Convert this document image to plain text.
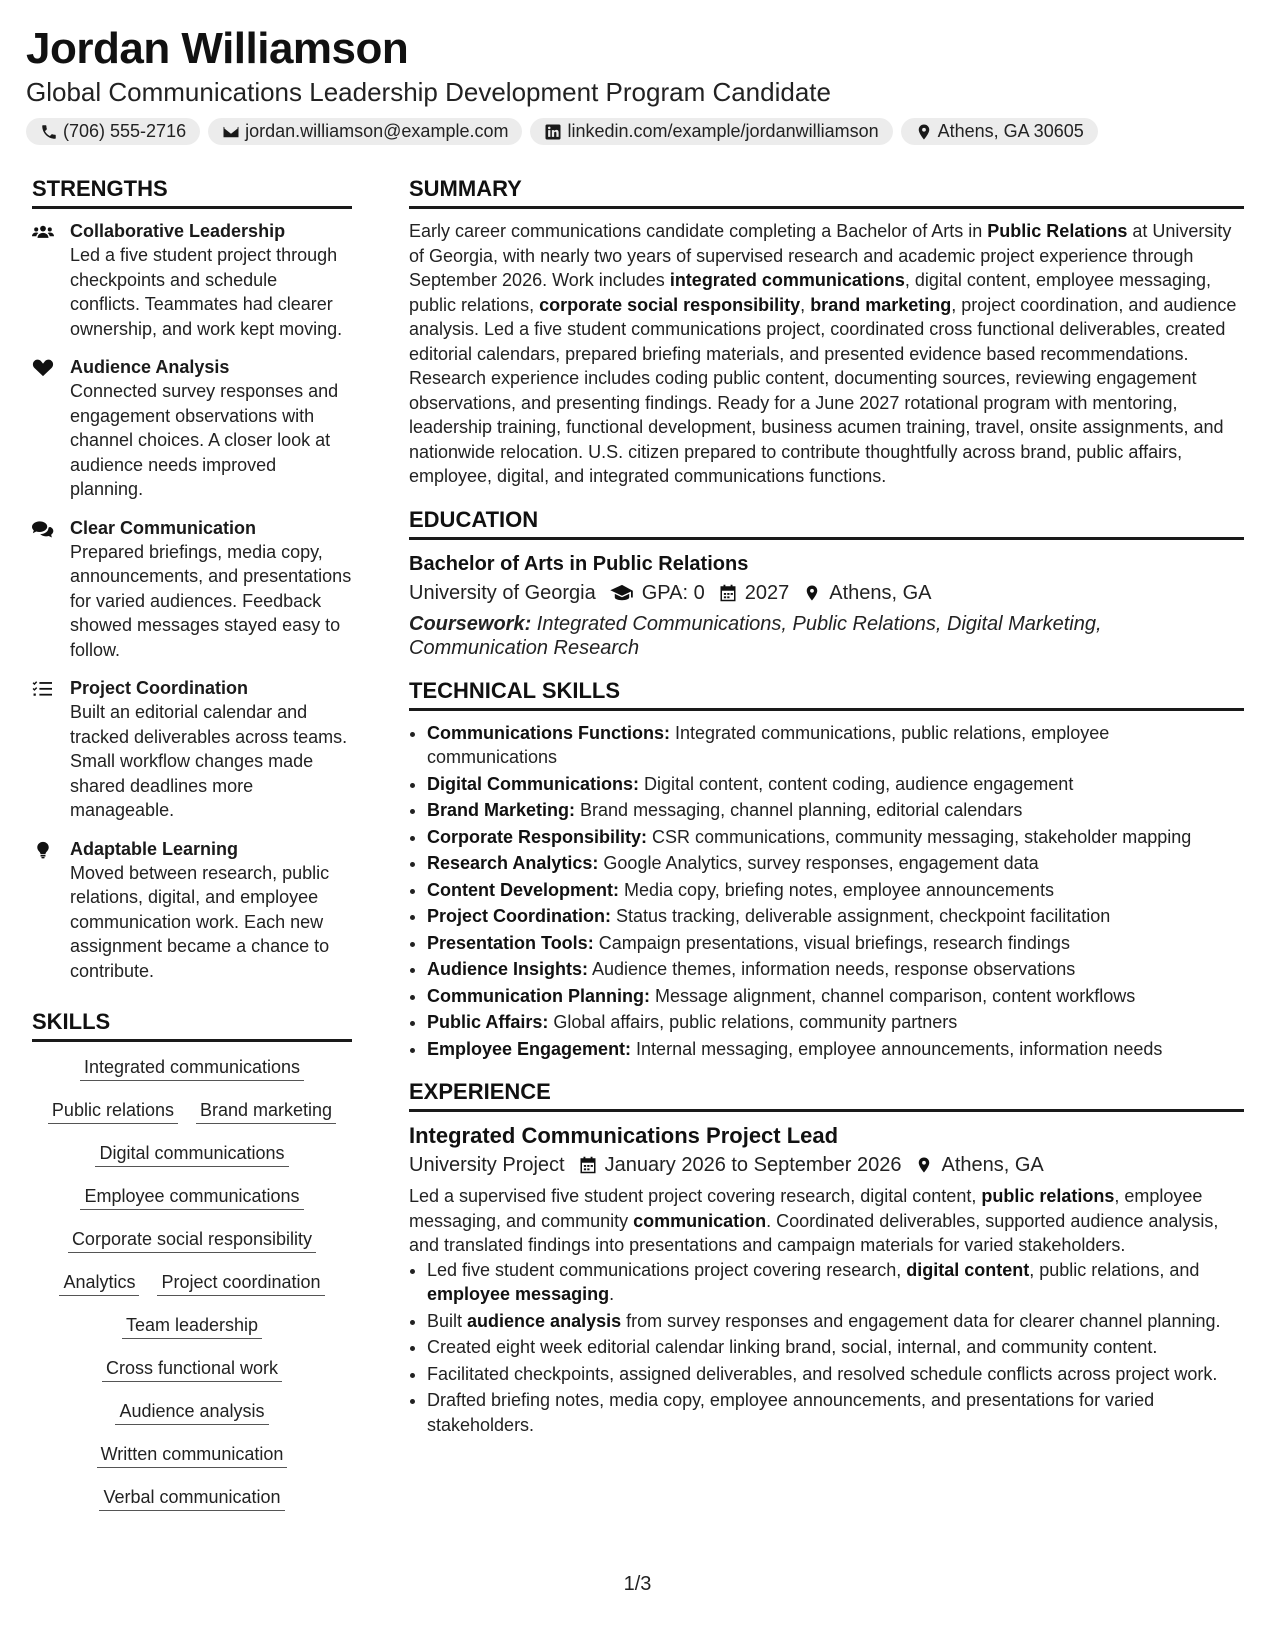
Jordan Williamson
Global Communications Leadership Development Program Candidate
(706) 555-2716	jordan.williamson@example.com	linkedin.com/example/jordanwilliamson	Athens, GA 30605
STRENGTHS
Collaborative Leadership
Led a five student project through checkpoints and schedule conflicts. Teammates had clearer ownership, and work kept moving.
Audience Analysis
Connected survey responses and engagement observations with channel choices. A closer look at audience needs improved planning.
Clear Communication
Prepared briefings, media copy, announcements, and presentations for varied audiences. Feedback showed messages stayed easy to follow.
Project Coordination
Built an editorial calendar and tracked deliverables across teams. Small workflow changes made shared deadlines more manageable.
Adaptable Learning
Moved between research, public relations, digital, and employee communication work. Each new assignment became a chance to contribute.
SKILLS
Integrated communications
Public relations Brand marketing
Digital communications
Employee communications
Corporate social responsibility
Analytics Project coordination
Team leadership
Cross functional work
Audience analysis
Written communication
Verbal communication
SUMMARY

Early career communications candidate completing a Bachelor of Arts in Public Relations at University of Georgia, with nearly two years of supervised research and academic project experience through September 2026. Work includes integrated communications, digital content, employee messaging, public relations, corporate social responsibility, brand marketing, project coordination, and audience analysis. Led a five student communications project, coordinated cross functional deliverables, created editorial calendars, prepared briefing materials, and presented evidence based recommendations. Research experience includes coding public content, documenting sources, reviewing engagement observations, and presenting findings. Ready for a June 2027 rotational program with mentoring, leadership training, functional development, business acumen training, travel, onsite assignments, and nationwide relocation. U.S. citizen prepared to contribute thoughtfully across brand, public affairs, employee, digital, and integrated communications functions.

EDUCATION
Bachelor of Arts in Public Relations
University of Georgia GPA: 0 2027 Athens, GA
Coursework: Integrated Communications, Public Relations, Digital Marketing, Communication Research
TECHNICAL SKILLS
• Communications Functions: Integrated communications, public relations, employee communications
• Digital Communications: Digital content, content coding, audience engagement
• Brand Marketing: Brand messaging, channel planning, editorial calendars
• Corporate Responsibility: CSR communications, community messaging, stakeholder mapping
• Research Analytics: Google Analytics, survey responses, engagement data
• Content Development: Media copy, briefing notes, employee announcements
• Project Coordination: Status tracking, deliverable assignment, checkpoint facilitation
• Presentation Tools: Campaign presentations, visual briefings, research findings
• Audience Insights: Audience themes, information needs, response observations
• Communication Planning: Message alignment, channel comparison, content workflows
• Public Affairs: Global affairs, public relations, community partners
• Employee Engagement: Internal messaging, employee announcements, information needs
EXPERIENCE
Integrated Communications Project Lead
University Project January 2026 to September 2026 Athens, GA

Led a supervised five student project covering research, digital content, public relations, employee messaging, and community communication. Coordinated deliverables, supported audience analysis, and translated findings into presentations and campaign materials for varied stakeholders.

• Led five student communications project covering research, digital content, public relations, and employee messaging.
• Built audience analysis from survey responses and engagement data for clearer channel planning.
• Created eight week editorial calendar linking brand, social, internal, and community content.
• Facilitated checkpoints, assigned deliverables, and resolved schedule conflicts across project work.
• Drafted briefing notes, media copy, employee announcements, and presentations for varied stakeholders.
1/3
